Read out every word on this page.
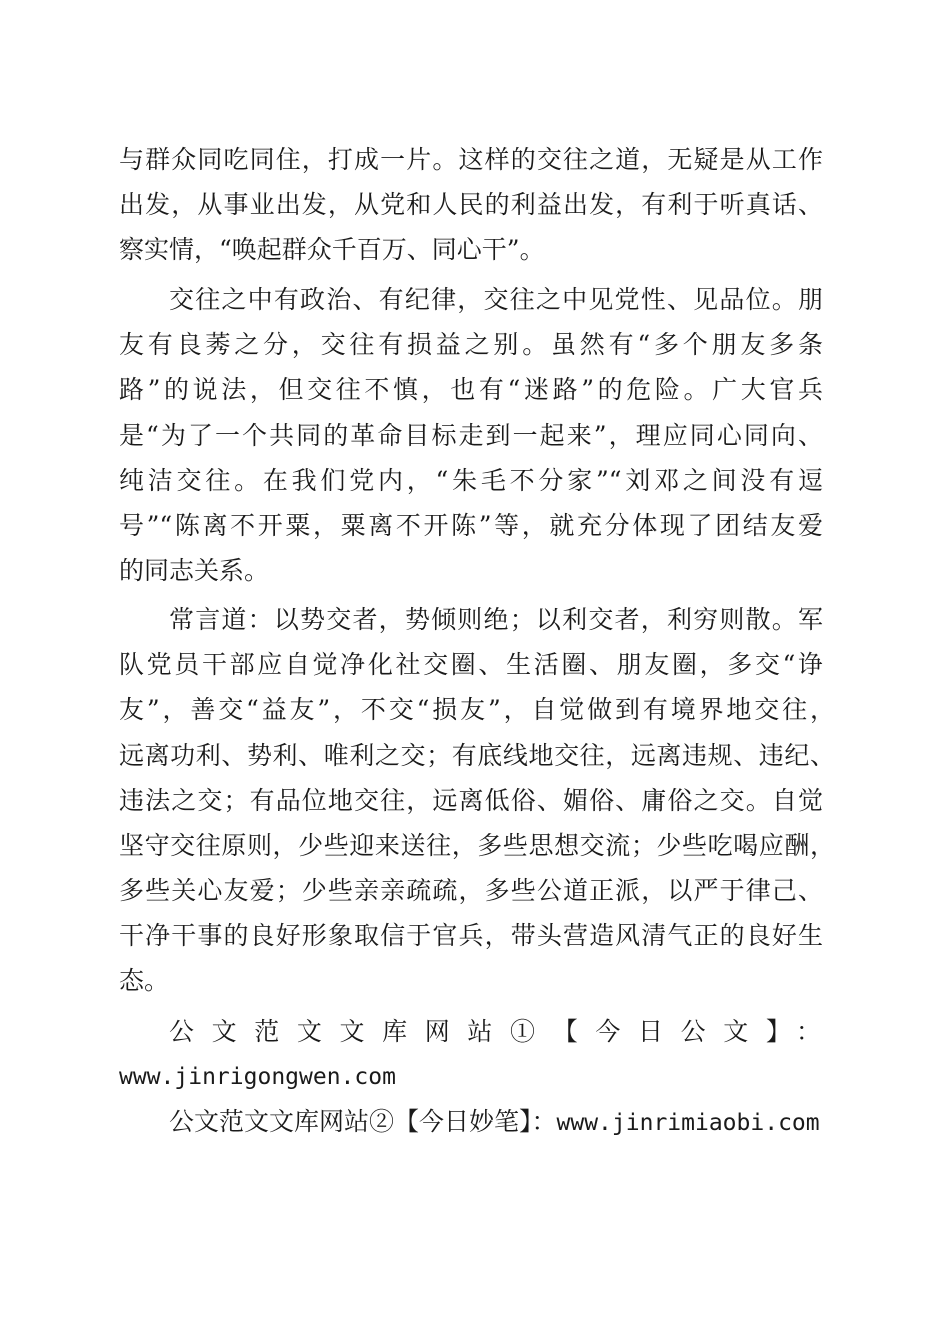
与群众同吃同住，打成一片。这样的交往之道，无疑是从工作
出发，从事业出发，从党和人民的利益出发，有利于听真话、
察实情，“唤起群众千百万、同心干”。
交往之中有政治、有纪律，交往之中见党性、见品位。朋
友有良莠之分，交往有损益之别。虽然有“多个朋友多条
路”的说法，但交往不慎，也有“迷路”的危险。广大官兵
是“为了一个共同的革命目标走到一起来”，理应同心同向、
纯洁交往。在我们党内，“朱毛不分家”“刘邓之间没有逗
号”“陈离不开粟，粟离不开陈”等，就充分体现了团结友爱
的同志关系。
常言道：以势交者，势倾则绝；以利交者，利穷则散。军
队党员干部应自觉净化社交圈、生活圈、朋友圈，多交“诤
友”，善交“益友”，不交“损友”，自觉做到有境界地交往，
远离功利、势利、唯利之交；有底线地交往，远离违规、违纪、
违法之交；有品位地交往，远离低俗、媚俗、庸俗之交。自觉
坚守交往原则，少些迎来送往，多些思想交流；少些吃喝应酬，
多些关心友爱；少些亲亲疏疏，多些公道正派，以严于律己、
干净干事的良好形象取信于官兵，带头营造风清气正的良好生
态。
公文范文文库网站①【今日公文】：
www.jinrigongwen.com
公文范文文库网站②【今日妙笔】：www.jinrimiaobi.com
